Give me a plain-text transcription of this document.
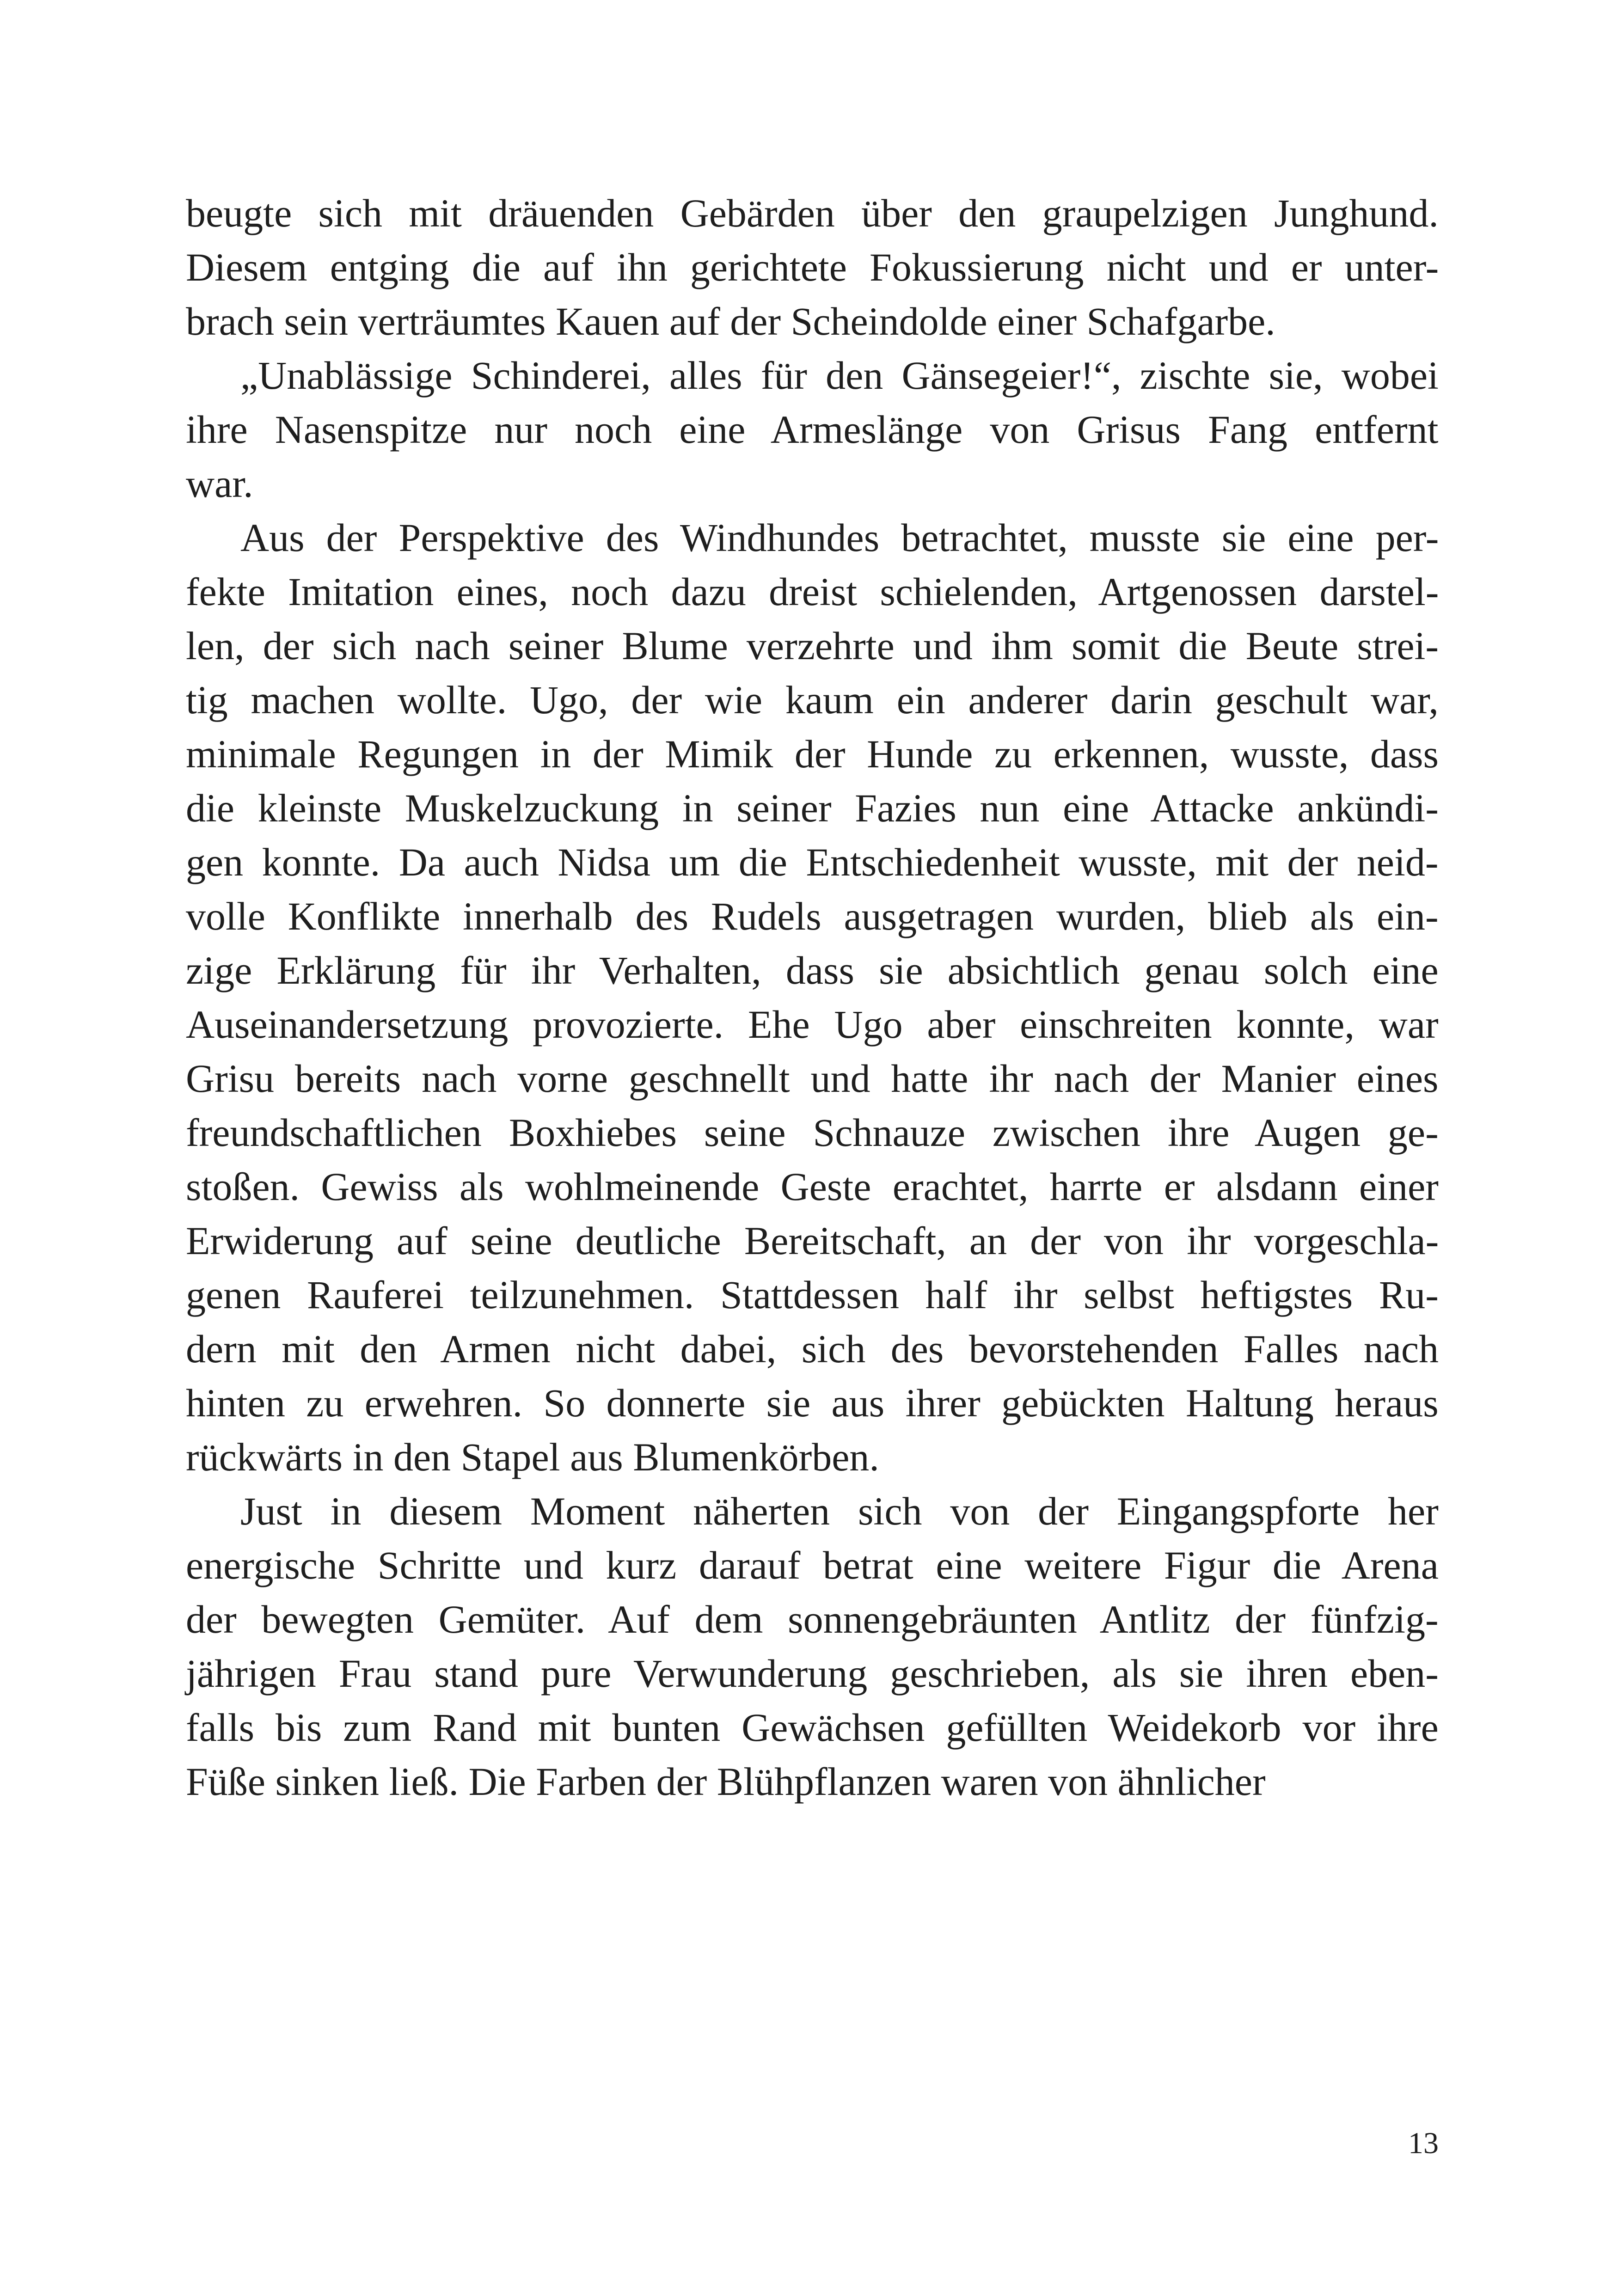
beugte sich mit dräuenden Gebärden über den graupelzigen Junghund.
Diesem entging die auf ihn gerichtete Fokussierung nicht und er unter-
brach sein verträumtes Kauen auf der Scheindolde einer Schafgarbe.
„Unablässige Schinderei, alles für den Gänsegeier!“, zischte sie, wobei
ihre Nasenspitze nur noch eine Armeslänge von Grisus Fang entfernt
war.
Aus der Perspektive des Windhundes betrachtet, musste sie eine per-
fekte Imitation eines, noch dazu dreist schielenden, Artgenossen darstel-
len, der sich nach seiner Blume verzehrte und ihm somit die Beute strei-
tig machen wollte. Ugo, der wie kaum ein anderer darin geschult war,
minimale Regungen in der Mimik der Hunde zu erkennen, wusste, dass
die kleinste Muskelzuckung in seiner Fazies nun eine Attacke ankündi-
gen konnte. Da auch Nidsa um die Entschiedenheit wusste, mit der neid-
volle Konflikte innerhalb des Rudels ausgetragen wurden, blieb als ein-
zige Erklärung für ihr Verhalten, dass sie absichtlich genau solch eine
Auseinandersetzung provozierte. Ehe Ugo aber einschreiten konnte, war
Grisu bereits nach vorne geschnellt und hatte ihr nach der Manier eines
freundschaftlichen Boxhiebes seine Schnauze zwischen ihre Augen ge-
stoßen. Gewiss als wohlmeinende Geste erachtet, harrte er alsdann einer
Erwiderung auf seine deutliche Bereitschaft, an der von ihr vorgeschla-
genen Rauferei teilzunehmen. Stattdessen half ihr selbst heftigstes Ru-
dern mit den Armen nicht dabei, sich des bevorstehenden Falles nach
hinten zu erwehren. So donnerte sie aus ihrer gebückten Haltung heraus
rückwärts in den Stapel aus Blumenkörben.
Just in diesem Moment näherten sich von der Eingangspforte her
energische Schritte und kurz darauf betrat eine weitere Figur die Arena
der bewegten Gemüter. Auf dem sonnengebräunten Antlitz der fünfzig-
jährigen Frau stand pure Verwunderung geschrieben, als sie ihren eben-
falls bis zum Rand mit bunten Gewächsen gefüllten Weidekorb vor ihre
Füße sinken ließ. Die Farben der Blühpflanzen waren von ähnlicher
13
